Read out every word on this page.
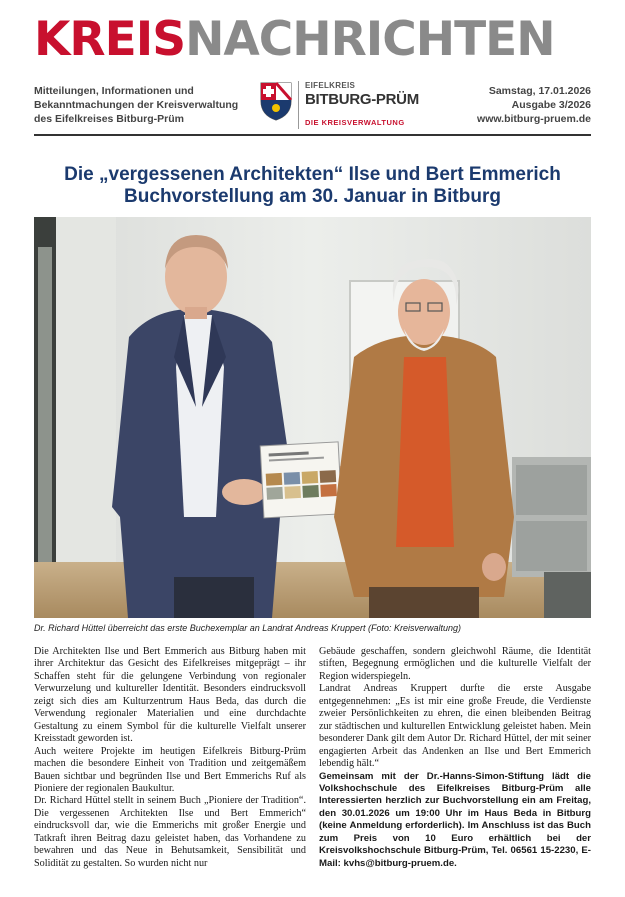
KREISNACHRICHTEN
Mitteilungen, Informationen und
Bekanntmachungen der Kreisverwaltung
des Eifelkreises Bitburg-Prüm
EIFELKREIS
BITBURG-PRÜM
DIE KREISVERWALTUNG
Samstag, 17.01.2026
Ausgabe 3/2026
www.bitburg-pruem.de
Die „vergessenen Architekten“ Ilse und Bert Emmerich
Buchvorstellung am 30. Januar in Bitburg
Dr. Richard Hüttel überreicht das erste Buchexemplar an Landrat Andreas Kruppert (Foto: Kreisverwaltung)

Die Architekten Ilse und Bert Emmerich aus Bitburg haben mit ihrer Architektur das Gesicht des Eifelkreises mitgeprägt – ihr Schaffen steht für die gelungene Verbindung von regionaler Verwurzelung und kultureller Identität. Besonders eindrucksvoll zeigt sich dies am Kulturzentrum Haus Beda, das durch die Verwendung regionaler Materialien und eine durchdachte Gestaltung zu einem Symbol für die kulturelle Vielfalt unserer Kreisstadt geworden ist.

Auch weitere Projekte im heutigen Eifelkreis Bitburg-Prüm machen die besondere Einheit von Tradition und zeitgemäßem Bauen sichtbar und begründen Ilse und Bert Emmerichs Ruf als Pioniere der regionalen Baukultur.

Dr. Richard Hüttel stellt in seinem Buch „Pioniere der Tradition“. Die vergessenen Architekten Ilse und Bert Emmerich“ eindrucksvoll dar, wie die Emmerichs mit großer Energie und Tatkraft ihren Beitrag dazu geleistet haben, das Vorhandene zu bewahren und das Neue in Behutsamkeit, Sensibilität und Solidität zu gestalten. So wurden nicht nur

Gebäude geschaffen, sondern gleichwohl Räume, die Identität stiften, Begegnung ermöglichen und die kulturelle Vielfalt der Region widerspiegeln.

Landrat Andreas Kruppert durfte die erste Ausgabe entgegennehmen: „Es ist mir eine große Freude, die Verdienste zweier Persönlichkeiten zu ehren, die einen bleibenden Beitrag zur städtischen und kulturellen Entwicklung geleistet haben. Mein besonderer Dank gilt dem Autor Dr. Richard Hüttel, der mit seiner engagierten Arbeit das Andenken an Ilse und Bert Emmerich lebendig hält.“

Gemeinsam mit der Dr.-Hanns-Simon-Stiftung lädt die Volkshochschule des Eifelkreises Bitburg-Prüm alle Interessierten herzlich zur Buchvorstellung ein am Freitag, den 30.01.2026 um 19:00 Uhr im Haus Beda in Bitburg (keine Anmeldung erforderlich). Im Anschluss ist das Buch zum Preis von 10 Euro erhältlich bei der Kreisvolkshochschule Bitburg-Prüm, Tel. 06561 15-2230, E-Mail: kvhs@bitburg-pruem.de.
